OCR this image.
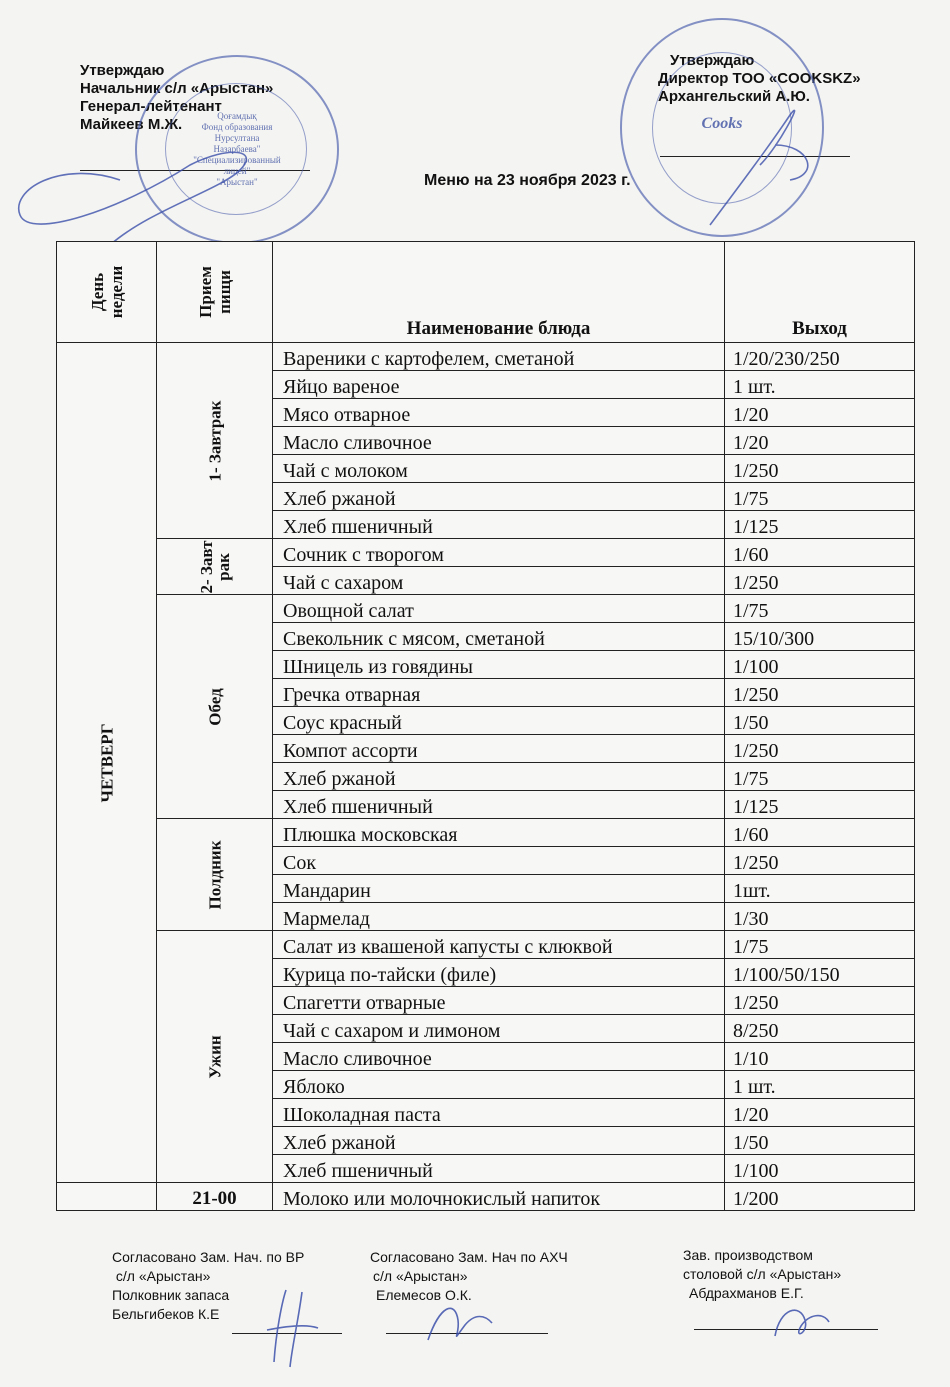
Утверждаю
Начальник с/л «Арыстан»
Генерал-лейтенант
Майкеев М.Ж.	Qоғамдық
Фонд образования
Нурсултана
Назарбаева"
"Специализированный
лицей"
"Арыстан"
Утверждаю
Директор ТОО «COOKSKZ»
Архангельский А.Ю.
Cooks
Меню на 23 ноября 2023 г.
День недели	Прием пищи	Наименование блюда	Выход

ЧЕТВЕРГ	1- Завтрак	Вареники с картофелем, сметаной	1/20/230/250
		Яйцо вареное	1 шт.
		Мясо отварное	1/20
		Масло сливочное	1/20
		Чай с молоком	1/250
		Хлеб ржаной	1/75
		Хлеб пшеничный	1/125

	2- Завт рак	Сочник с творогом	1/60
		Чай с сахаром	1/250

	Обед	Овощной салат	1/75
		Свекольник с мясом, сметаной	15/10/300
		Шницель из говядины	1/100
		Гречка отварная	1/250
		Соус красный	1/50
		Компот ассорти	1/250
		Хлеб ржаной	1/75
		Хлеб пшеничный	1/125

	Полдник	Плюшка московская	1/60
		Сок	1/250
		Мандарин	1шт.
		Мармелад	1/30

	Ужин	Салат из квашеной капусты с клюквой	1/75
		Курица по-тайски (филе)	1/100/50/150
		Спагетти отварные	1/250
		Чай с сахаром и лимоном	8/250
		Масло сливочное	1/10
		Яблоко	1 шт.
		Шоколадная паста	1/20
		Хлеб ржаной	1/50
		Хлеб пшеничный	1/100
	21-00	Молоко или молочнокислый напиток	1/200
Согласовано Зам. Нач. по ВР
с/л «Арыстан»
Полковник запаса
Бельгибеков К.Е
Согласовано Зам. Нач по АХЧ
с/л «Арыстан»
Елемесов О.К.
Зав. производством
столовой с/л «Арыстан»
Абдрахманов Е.Г.
